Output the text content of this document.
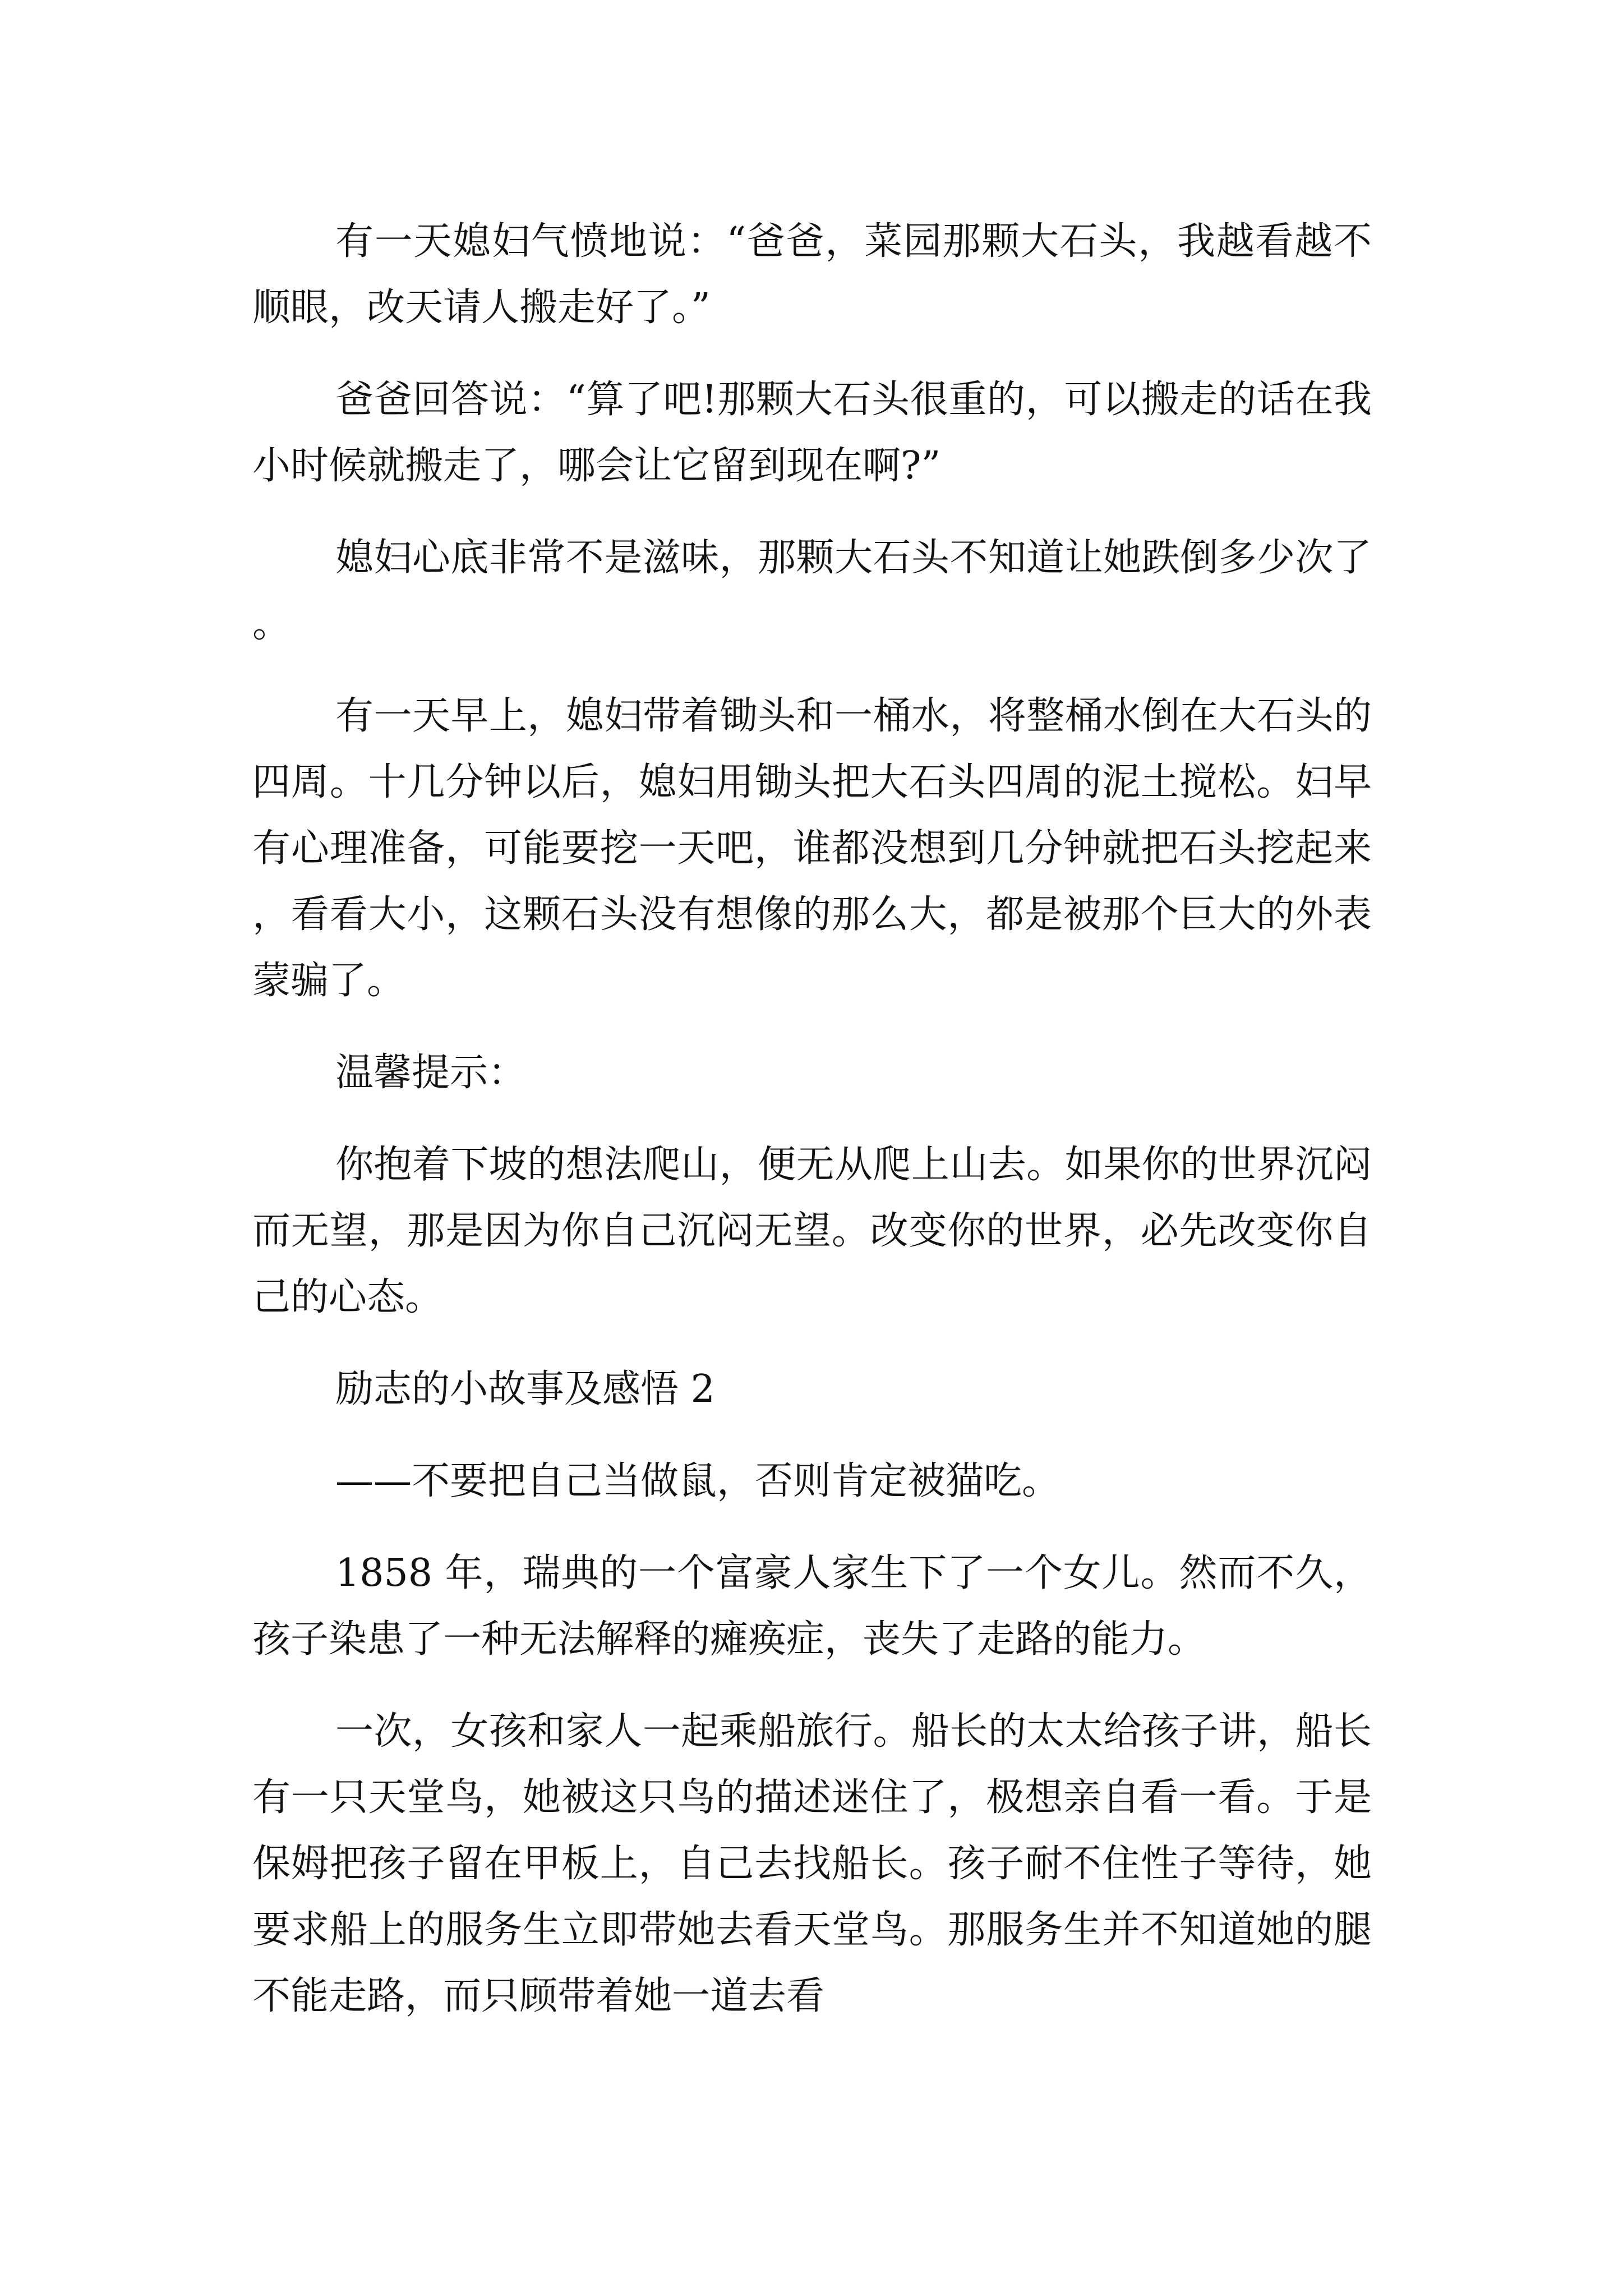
有一天媳妇气愤地说：“爸爸，菜园那颗大石头，我越看越不顺眼，改天请人搬走好了。”

爸爸回答说：“算了吧!那颗大石头很重的，可以搬走的话在我小时候就搬走了，哪会让它留到现在啊?”

媳妇心底非常不是滋味，那颗大石头不知道让她跌倒多少次了。

有一天早上，媳妇带着锄头和一桶水，将整桶水倒在大石头的四周。十几分钟以后，媳妇用锄头把大石头四周的泥土搅松。妇早有心理准备，可能要挖一天吧，谁都没想到几分钟就把石头挖起来，看看大小，这颗石头没有想像的那么大，都是被那个巨大的外表蒙骗了。

温馨提示：

你抱着下坡的想法爬山，便无从爬上山去。如果你的世界沉闷而无望，那是因为你自己沉闷无望。改变你的世界，必先改变你自己的心态。

励志的小故事及感悟 2

——不要把自己当做鼠，否则肯定被猫吃。

1858 年，瑞典的一个富豪人家生下了一个女儿。然而不久，孩子染患了一种无法解释的瘫痪症，丧失了走路的能力。

一次，女孩和家人一起乘船旅行。船长的太太给孩子讲，船长有一只天堂鸟，她被这只鸟的描述迷住了，极想亲自看一看。于是保姆把孩子留在甲板上，自己去找船长。孩子耐不住性子等待，她要求船上的服务生立即带她去看天堂鸟。那服务生并不知道她的腿不能走路，而只顾带着她一道去看
